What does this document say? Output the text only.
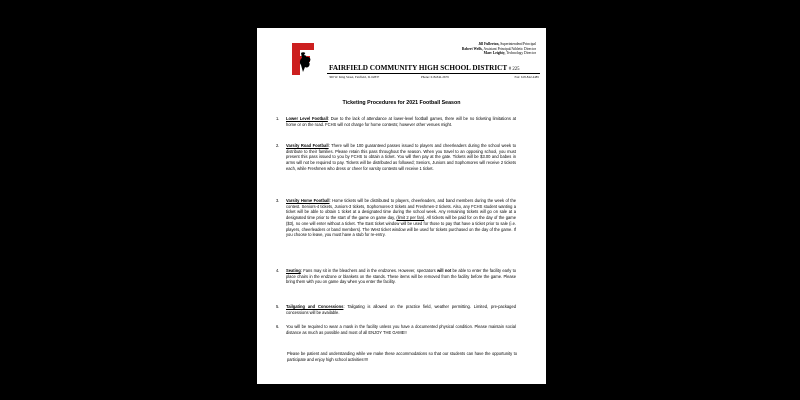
Jill Fullerton, Superintendent/Principal
Robert Wells, Assistant Principal/Athletic Director
Marc Leighty, Technology Director
FAIRFIELD COMMUNITY HIGH SCHOOL DISTRICT # 225
300 W. King Street, Fairfield, IL 62837	Phone: 618-842-2679	Fax: 618-842-4485
Ticketing Procedures for 2021 Football Season
1. Lower Level Football: Due to the lack of attendance at lower-level football games, there will be no ticketing limitations at home or on the road. FCHS will not charge for home contests; however other venues might.
2. Varsity Road Football: There will be 100 guaranteed passes issued to players and cheerleaders during the school week to distribute to their families. Please retain this pass throughout the season. When you travel to an opposing school, you must present this pass issued to you by FCHS to obtain a ticket. You will then pay at the gate. Tickets will be $3.00 and babes in arms will not be required to pay. Tickets will be distributed as followed; Seniors, Juniors and Sophomores will receive 2 tickets each, while Freshmen who dress or cheer for varsity contests will receive 1 ticket.
3. Varsity Home Football: Home tickets will be distributed to players, cheerleaders, and band members during the week of the contest. Seniors-4 tickets, Juniors-3 tickets, Sophomores-3 tickets and Freshmen-2 tickets. Also, any FCHS student wanting a ticket will be able to obtain 1 ticket at a designated time during the school week. Any remaining tickets will go on sale at a designated time prior to the start of the game on game day, (limit 2 per fan). All tickets will be paid for on the day of the game ($3), no one will enter without a ticket. The East ticket window will be used for those to pay that have a ticket prior to sale (i.e. players, cheerleaders or band members). The West ticket window will be used for tickets purchased on the day of the game. If you choose to leave, you must have a stub for re-entry.
4. Seating: Fans may sit in the bleachers and in the endzones. However, spectators will not be able to enter the facility early to place chairs in the endzone or blankets on the stands. These items will be removed from the facility before the game. Please bring them with you on game day when you enter the facility.
5. Tailgating and Concessions: Tailgating is allowed on the practice field, weather permitting. Limited, pre-packaged concessions will be available.
6. You will be required to wear a mask in the facility unless you have a documented physical condition. Please maintain social distance as much as possible and most of all ENJOY THE GAME!!
Please be patient and understanding while we make these accommodations so that our students can have the opportunity to participate and enjoy high school activities!!!!
